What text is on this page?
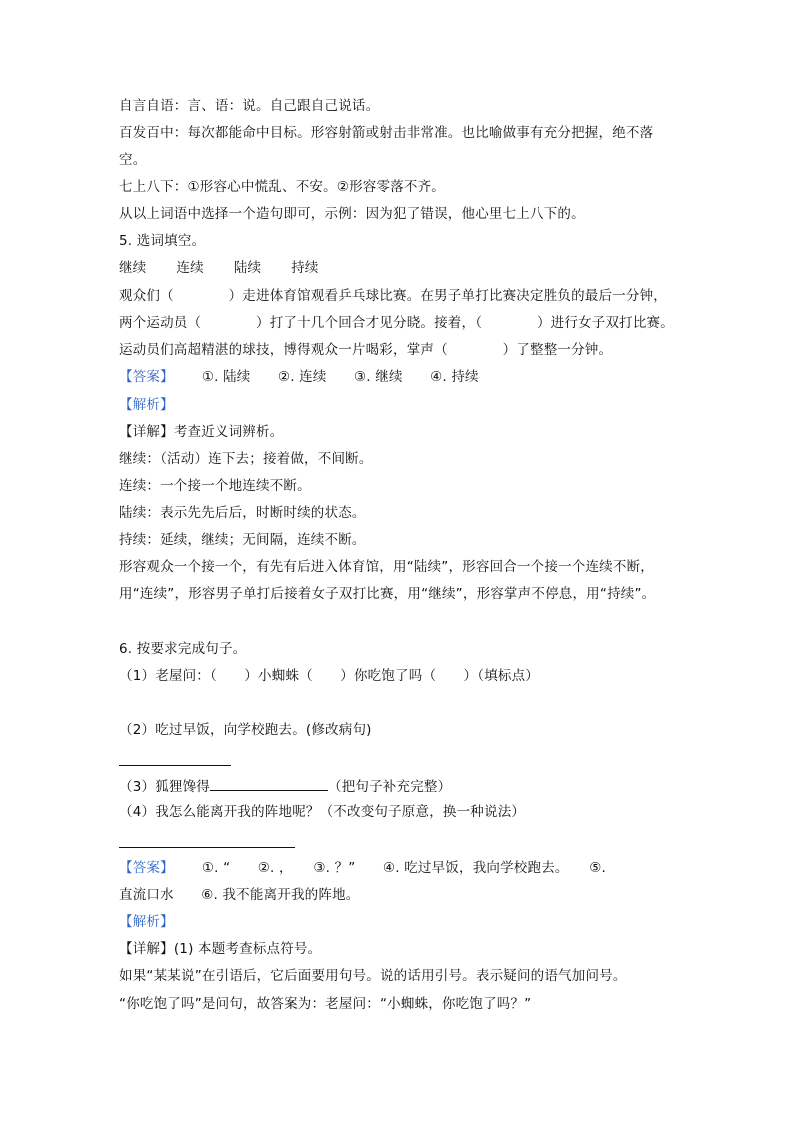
自言自语：言、语：说。自己跟自己说话。
百发百中：每次都能命中目标。形容射箭或射击非常准。也比喻做事有充分把握，绝不落
空。
七上八下：①形容心中慌乱、不安。②形容零落不齐。
从以上词语中选择一个造句即可，示例：因为犯了错误，他心里七上八下的。
5. 选词填空。
继续 连续 陆续 持续
观众们（　　　　）走进体育馆观看乒乓球比赛。在男子单打比赛决定胜负的最后一分钟，
两个运动员（　　　　）打了十几个回合才见分晓。接着，（　　　　）进行女子双打比赛。
运动员们高超精湛的球技，博得观众一片喝彩，掌声（　　　　）了整整一分钟。
【答案】 ①. 陆续　　②. 连续　　③. 继续　　④. 持续
【解析】
【详解】考查近义词辨析。
继续：（活动）连下去；接着做，不间断。
连续：一个接一个地连续不断。
陆续：表示先先后后，时断时续的状态。
持续：延续，继续；无间隔，连续不断。
形容观众一个接一个，有先有后进入体育馆，用“陆续”，形容回合一个接一个连续不断，
用“连续”，形容男子单打后接着女子双打比赛，用“继续”，形容掌声不停息，用“持续”。
6. 按要求完成句子。
（1）老屋问：（　　）小蜘蛛（　　）你吃饱了吗（　　）（填标点）
（2）吃过早饭，向学校跑去。(修改病句)
（3）狐狸馋得	（把句子补充完整）
（4）我怎么能离开我的阵地呢？（不改变句子原意，换一种说法）
【答案】 ①. “　　②. ，　　③. ？”　　④. 吃过早饭，我向学校跑去。　　⑤.
直流口水　　⑥. 我不能离开我的阵地。
【解析】
【详解】(1) 本题考查标点符号。
如果“某某说”在引语后，它后面要用句号。说的话用引号。表示疑问的语气加问号。
“你吃饱了吗”是问句，故答案为：老屋问：“小蜘蛛，你吃饱了吗？”
